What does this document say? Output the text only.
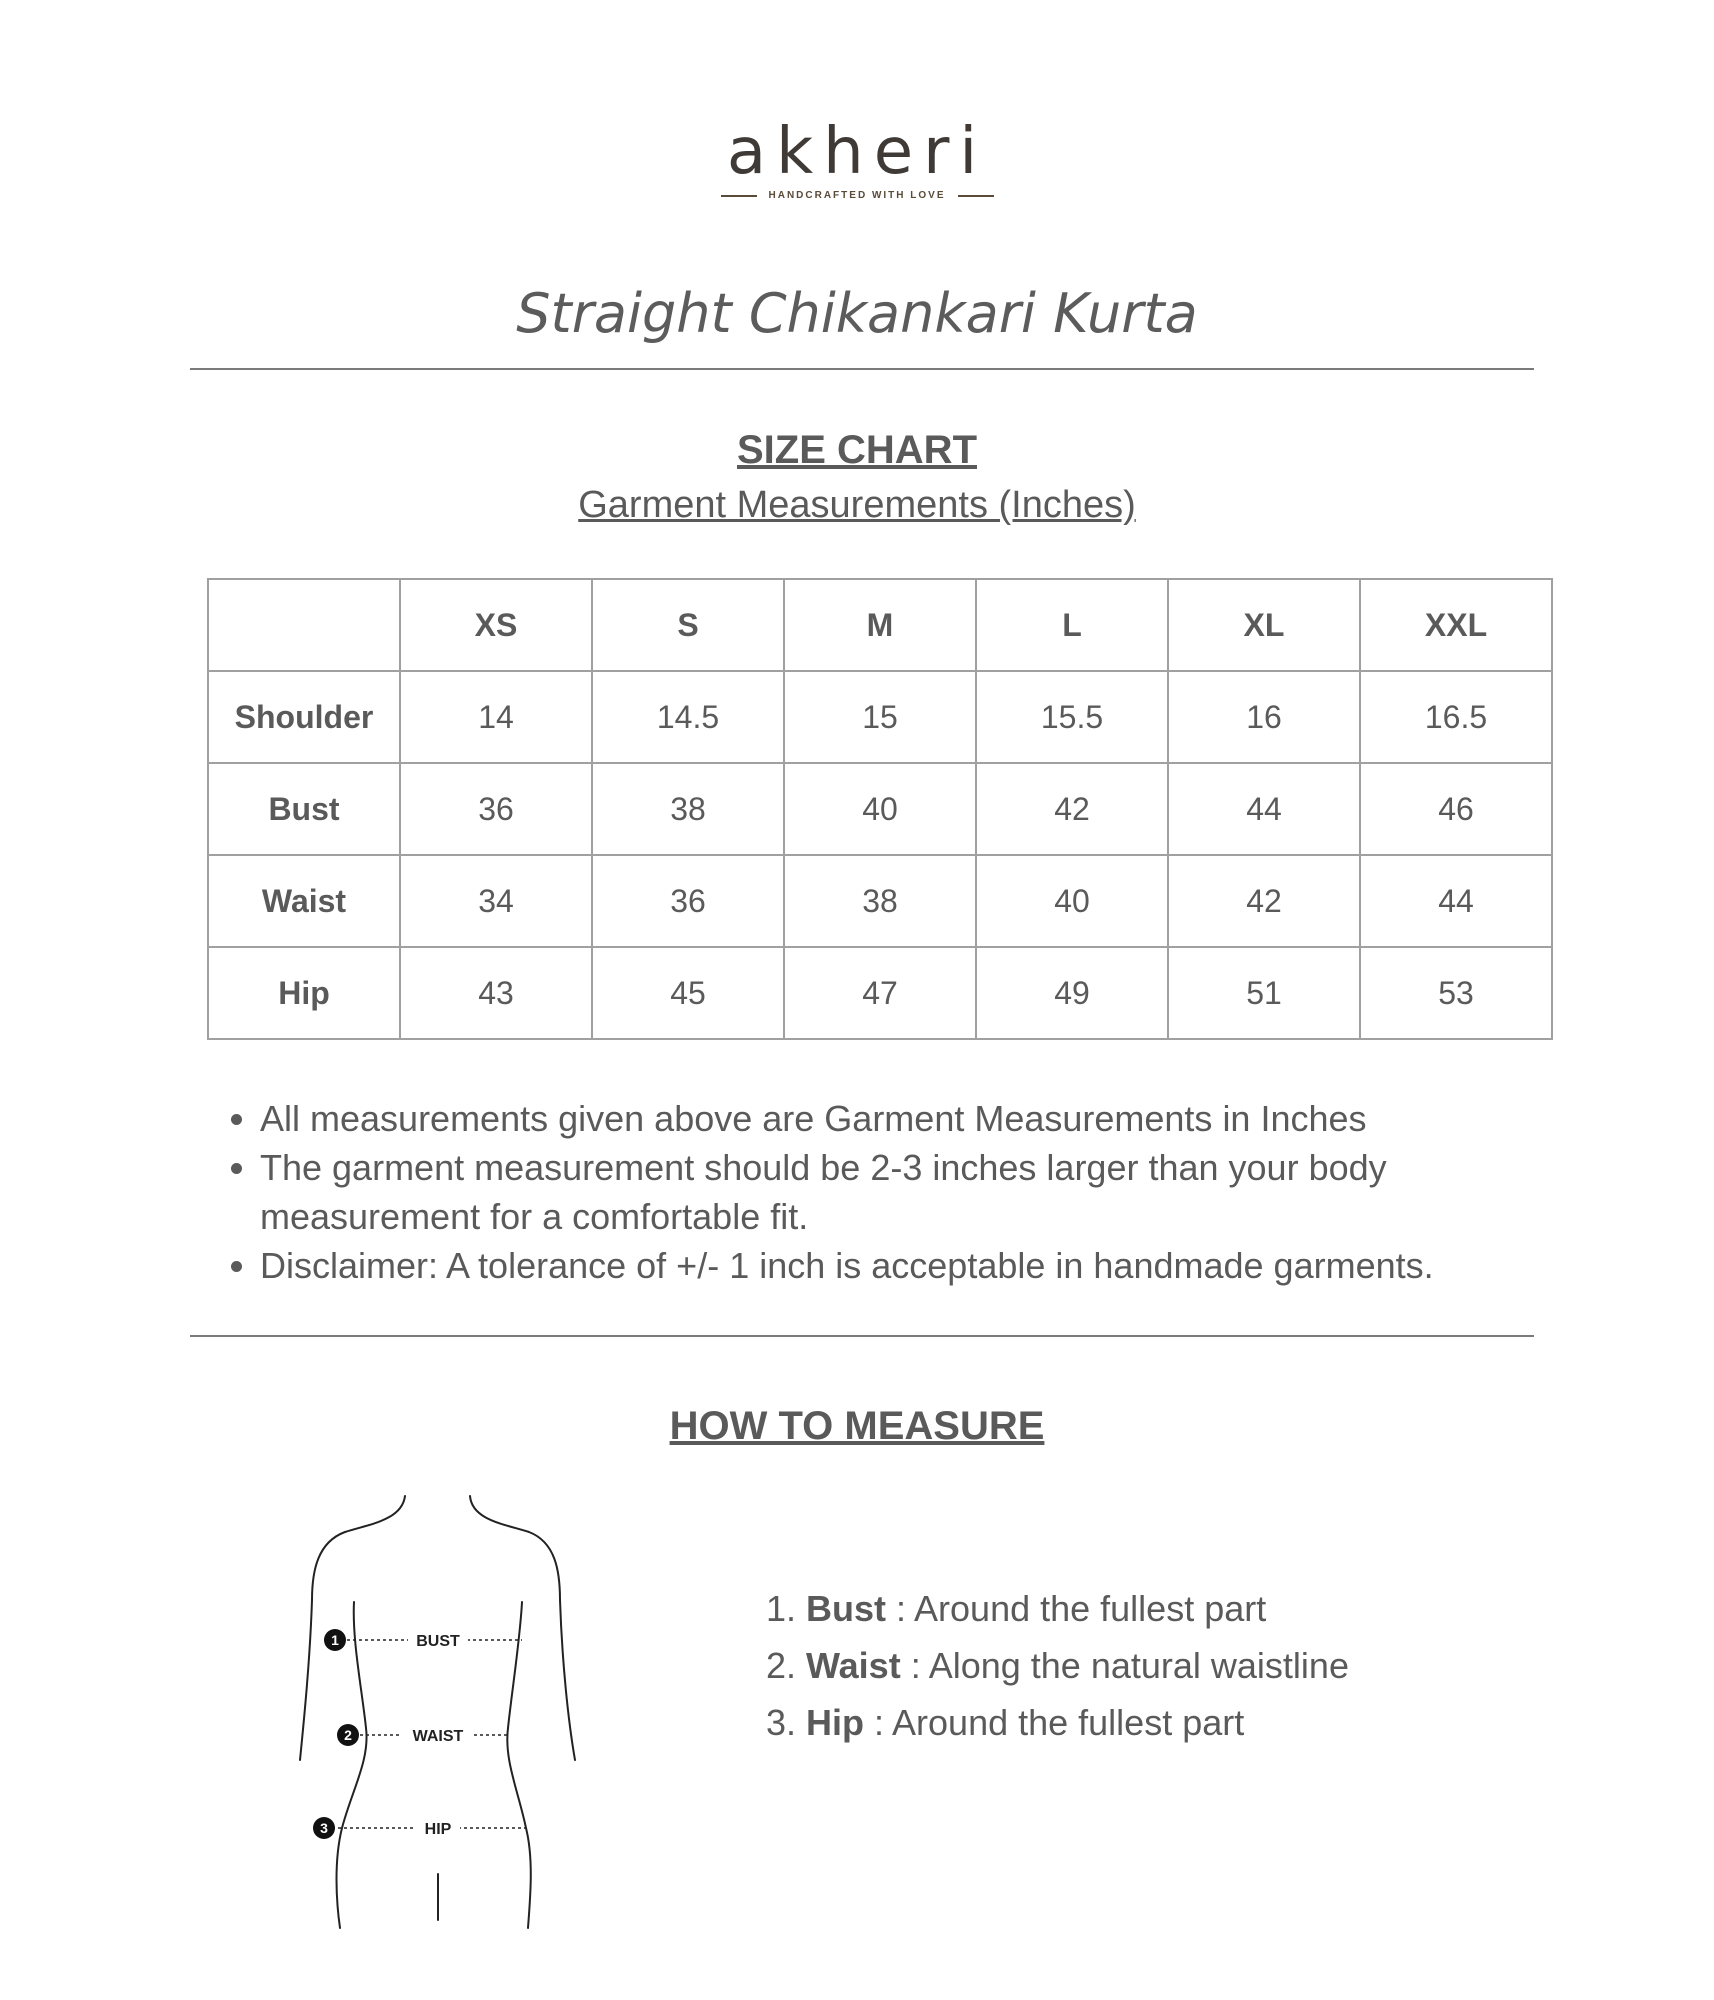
akheri
HANDCRAFTED WITH LOVE
Straight Chikankari Kurta
SIZE CHART
Garment Measurements (Inches)
	XS	S	M	L	XL	XXL
Shoulder	14	14.5	15	15.5	16	16.5
Bust	36	38	40	42	44	46
Waist	34	36	38	40	42	44
Hip	43	45	47	49	51	53
• All measurements given above are Garment Measurements in Inches
• The garment measurement should be 2-3 inches larger than your body measurement for a comfortable fit.
• Disclaimer: A tolerance of +/- 1 inch is acceptable in handmade garments.
HOW TO MEASURE
BUST
WAIST
HIP
1
2
3
1. Bust : Around the fullest part
2. Waist : Along the natural waistline
3. Hip : Around the fullest part
